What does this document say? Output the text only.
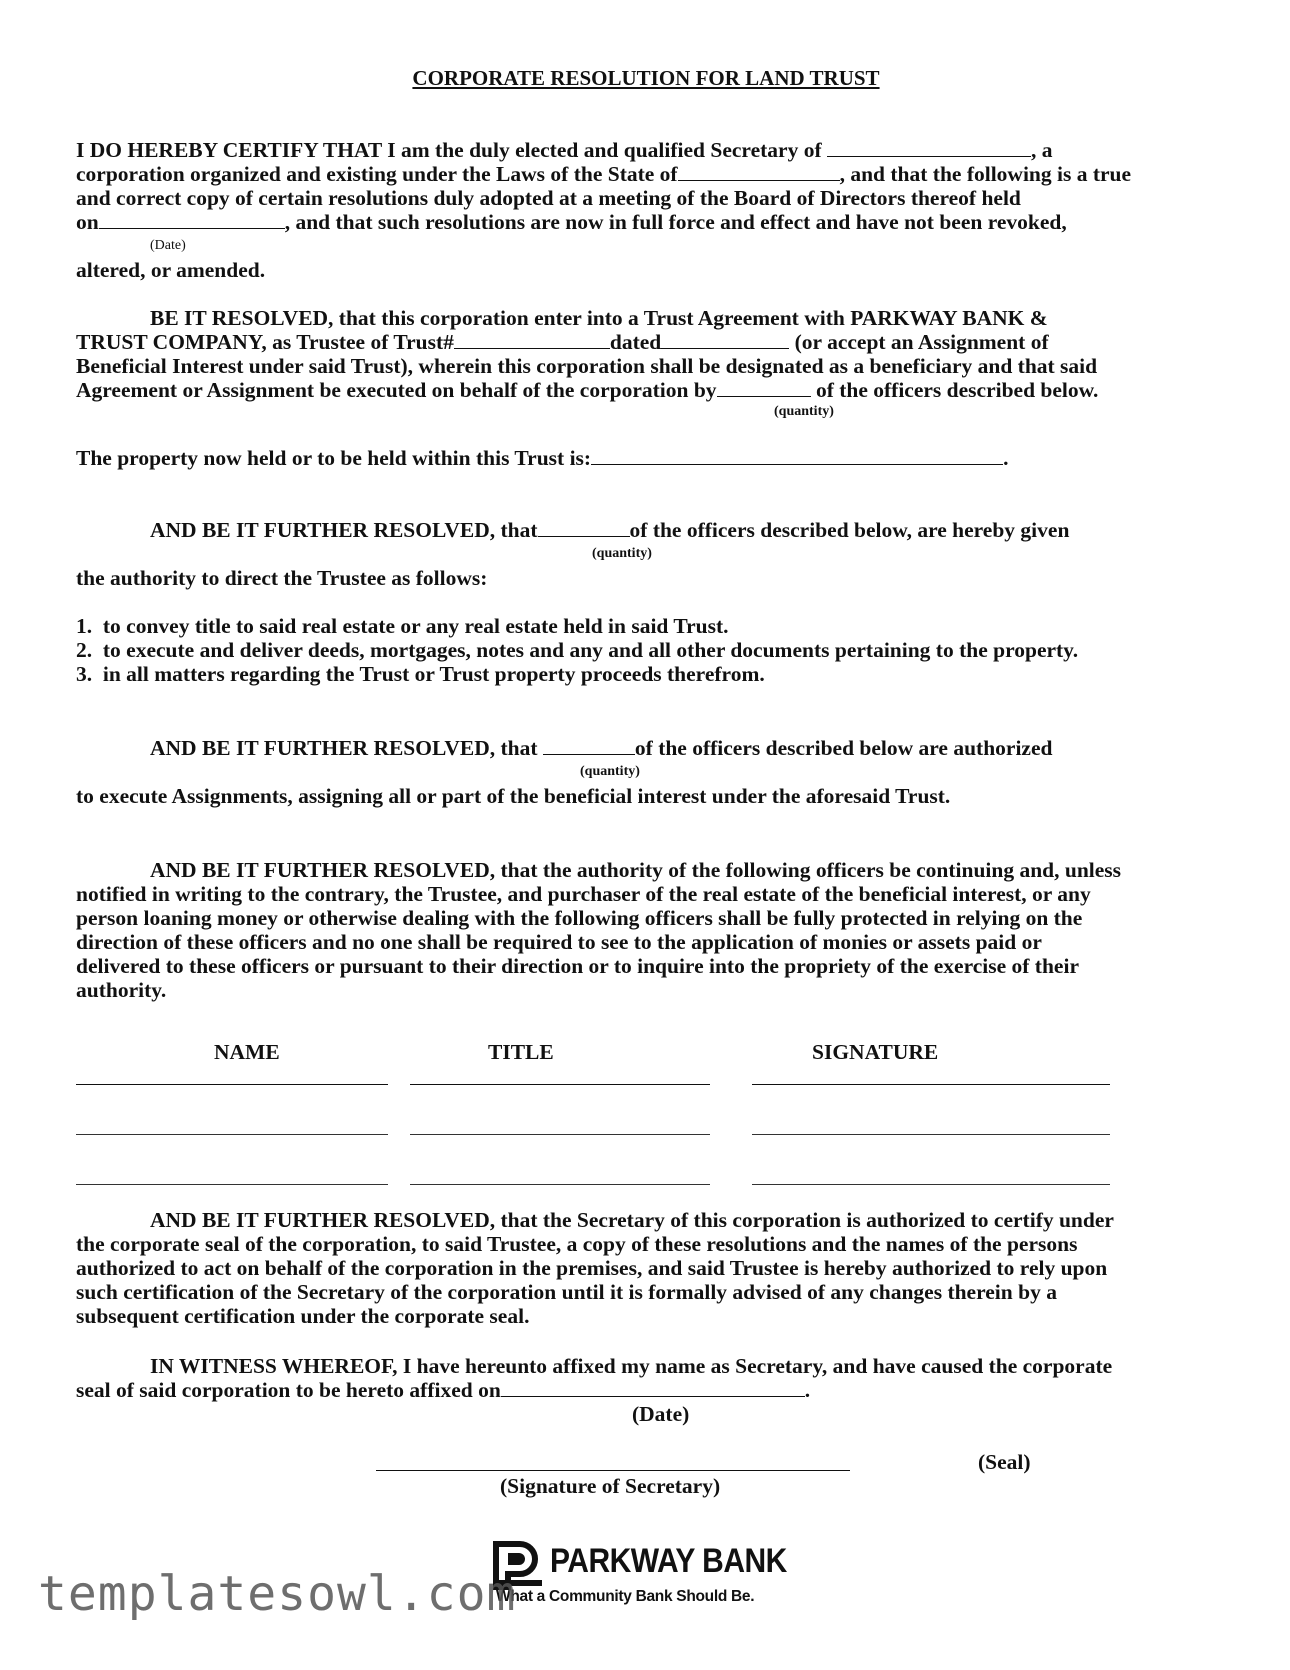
CORPORATE RESOLUTION FOR LAND TRUST
I DO HEREBY CERTIFY THAT I am the duly elected and qualified Secretary of	, a
corporation organized and existing under the Laws of the State of	, and that the following is a true
and correct copy of certain resolutions duly adopted at a meeting of the Board of Directors thereof held
on	, and that such resolutions are now in full force and effect and have not been revoked,
(Date)
altered, or amended.
BE IT RESOLVED, that this corporation enter into a Trust Agreement with PARKWAY BANK &
TRUST COMPANY, as Trustee of Trust#	dated	(or accept an Assignment of
Beneficial Interest under said Trust), wherein this corporation shall be designated as a beneficiary and that said
Agreement or Assignment be executed on behalf of the corporation by	of the officers described below.
(quantity)
The property now held or to be held within this Trust is:	.
AND BE IT FURTHER RESOLVED, that	of the officers described below, are hereby given
(quantity)
the authority to direct the Trustee as follows:
1.  to convey title to said real estate or any real estate held in said Trust.
2.  to execute and deliver deeds, mortgages, notes and any and all other documents pertaining to the property.
3.  in all matters regarding the Trust or Trust property proceeds therefrom.
AND BE IT FURTHER RESOLVED, that	of the officers described below are authorized
(quantity)
to execute Assignments, assigning all or part of the beneficial interest under the aforesaid Trust.
AND BE IT FURTHER RESOLVED, that the authority of the following officers be continuing and, unless
notified in writing to the contrary, the Trustee, and purchaser of the real estate of the beneficial interest, or any
person loaning money or otherwise dealing with the following officers shall be fully protected in relying on the
direction of these officers and no one shall be required to see to the application of monies or assets paid or
delivered to these officers or pursuant to their direction or to inquire into the propriety of the exercise of their
authority.
NAME	TITLE	SIGNATURE
AND BE IT FURTHER RESOLVED, that the Secretary of this corporation is authorized to certify under
the corporate seal of the corporation, to said Trustee, a copy of these resolutions and the names of the persons
authorized to act on behalf of the corporation in the premises, and said Trustee is hereby authorized to rely upon
such certification of the Secretary of the corporation until it is formally advised of any changes therein by a
subsequent certification under the corporate seal.
IN WITNESS WHEREOF, I have hereunto affixed my name as Secretary, and have caused the corporate
seal of said corporation to be hereto affixed on	.
(Date)
(Seal)
(Signature of Secretary)
PARKWAY BANK
What a Community Bank Should Be.
templatesowl.com
